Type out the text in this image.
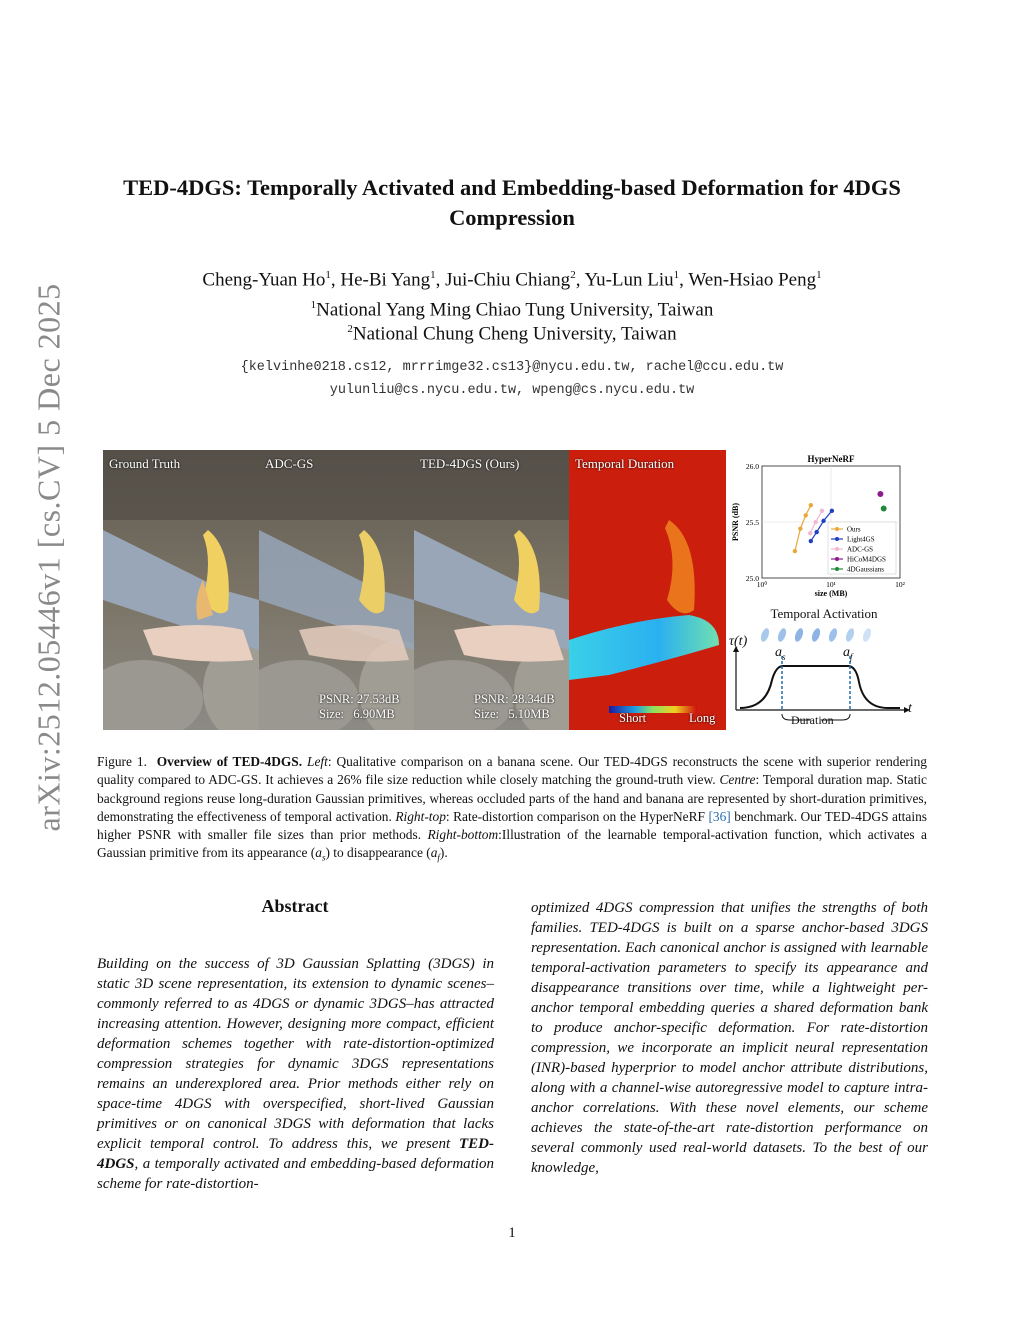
arXiv:2512.05446v1 [cs.CV] 5 Dec 2025
TED-4DGS: Temporally Activated and Embedding-based Deformation for 4DGS Compression
Cheng-Yuan Ho$^1$, He-Bi Yang$^1$, Jui-Chiu Chiang$^2$, Yu-Lun Liu$^1$, Wen-Hsiao Peng$^1$
$^1$National Yang Ming Chiao Tung University, Taiwan
$^2$National Chung Cheng University, Taiwan
{kelvinhe0218.cs12, mrrrimge32.cs13}@nycu.edu.tw, rachel@ccu.edu.tw
yulunliu@cs.nycu.edu.tw, wpeng@cs.nycu.edu.tw
Ground Truth	ADC-GS
PSNR: 27.53dB
Size:   6.90MB
TED-4DGS (Ours)
PSNR: 28.34dB
Size:   5.10MB
Temporal Duration
Short	Long
25.0
25.5
26.0
10⁰	10¹	10²
HyperNeRF
size (MB)
PSNR (dB)	Ours
Light4GS
ADC-GS
HiCoM4DGS
4DGaussians
Temporal Activation
τ(t)
$a_s$	$a_f$
t
Duration
Figure 1. Overview of TED-4DGS. Left: Qualitative comparison on a banana scene. Our TED-4DGS reconstructs the scene with superior rendering quality compared to ADC-GS. It achieves a 26% file size reduction while closely matching the ground-truth view. Centre: Temporal duration map. Static background regions reuse long-duration Gaussian primitives, whereas occluded parts of the hand and banana are represented by short-duration primitives, demonstrating the effectiveness of temporal activation. Right-top: Rate-distortion comparison on the HyperNeRF [36] benchmark. Our TED-4DGS attains higher PSNR with smaller file sizes than prior methods. Right-bottom:Illustration of the learnable temporal-activation function, which activates a Gaussian primitive from its appearance $(a_s)$ to disappearance $(a_f)$.
Abstract
Building on the success of 3D Gaussian Splatting (3DGS) in static 3D scene representation, its extension to dynamic scenes–commonly referred to as 4DGS or dynamic 3DGS–has attracted increasing attention. However, designing more compact, efficient deformation schemes together with rate-distortion-optimized compression strategies for dynamic 3DGS representations remains an underexplored area. Prior methods either rely on space-time 4DGS with overspecified, short-lived Gaussian primitives or on canonical 3DGS with deformation that lacks explicit temporal control. To address this, we present TED-4DGS, a temporally activated and embedding-based deformation scheme for rate-distortion-
optimized 4DGS compression that unifies the strengths of both families. TED-4DGS is built on a sparse anchor-based 3DGS representation. Each canonical anchor is assigned with learnable temporal-activation parameters to specify its appearance and disappearance transitions over time, while a lightweight per-anchor temporal embedding queries a shared deformation bank to produce anchor-specific deformation. For rate-distortion compression, we incorporate an implicit neural representation (INR)-based hyperprior to model anchor attribute distributions, along with a channel-wise autoregressive model to capture intra-anchor correlations. With these novel elements, our scheme achieves the state-of-the-art rate-distortion performance on several commonly used real-world datasets. To the best of our knowledge,
1
